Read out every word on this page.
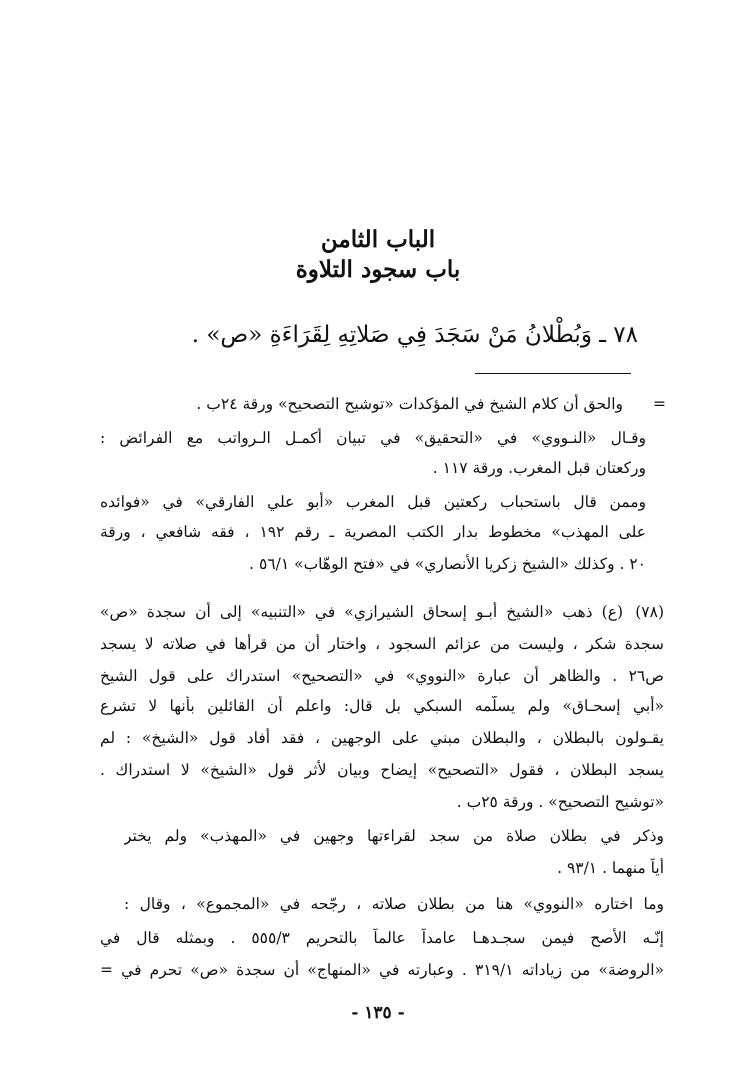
الباب الثامن

باب سجود التلاوة

٧٨ ـ وَبُطْلانُ مَنْ سَجَدَ فِي صَلاتِهِ لِقَرَاءَةِ «ص» .

=

والحق أن كلام الشيخ في المؤكدات «توشيح التصحيح» ورقة ٢٤ب .

وقـال «النـووي» في «التحقيق» في تبيان أكمـل الـرواتب مع الفرائض :

وركعتان قبل المغرب. ورقة ١١٧ .

وممن قال باستحباب ركعتين قبل المغرب «أبو علي الفارقي» في «فوائده

على المهذب» مخطوط بدار الكتب المصرية ـ رقم ١٩٢ ، فقه شافعي ، ورقة

٢٠ . وكذلك «الشيخ زكريا الأنصاري» في «فتح الوهّاب» ٥٦/١ .

(٧٨)

(ع) ذهب «الشيخ أبـو إسحاق الشيرازي» في «التنبيه» إلى أن سجدة «ص»

سجدة شكر ، وليست من عزائم السجود ، واختار أن من قرأها في صلاته لا يسجد

ص٢٦ . والظاهر أن عبارة «النووي» في «التصحيح» استدراك على قول الشيخ

«أبي إسحـاق» ولم يسلّمه السبكي بل قال: واعلم أن القائلين بأنها لا تشرع

يقـولون بالبطلان ، والبطلان مبني على الوجهين ، فقد أفاد قول «الشيخ» : لم

يسجد البطلان ، فقول «التصحيح» إيضاح وبيان لأثر قول «الشيخ» لا استدراك .

«توشيح التصحيح» . ورقة ٢٥ب .

وذكر في بطلان صلاة من سجد لقراءتها وجهين في «المهذب» ولم يختر

أياً منهما . ٩٣/١ .

وما اختاره «النووي» هنا من بطلان صلاته ، رجّحه في «المجموع» ، وقال :

إنّـه الأصح فيمن سجـدهـا عامداً عالماً بالتحريم ٥٥٥/٣ . وبمثله قال في

«الروضة» من زياداته ٣١٩/١ . وعبارته في «المنهاج» أن سجدة «ص» تحرم في =

- ١٣٥ -
